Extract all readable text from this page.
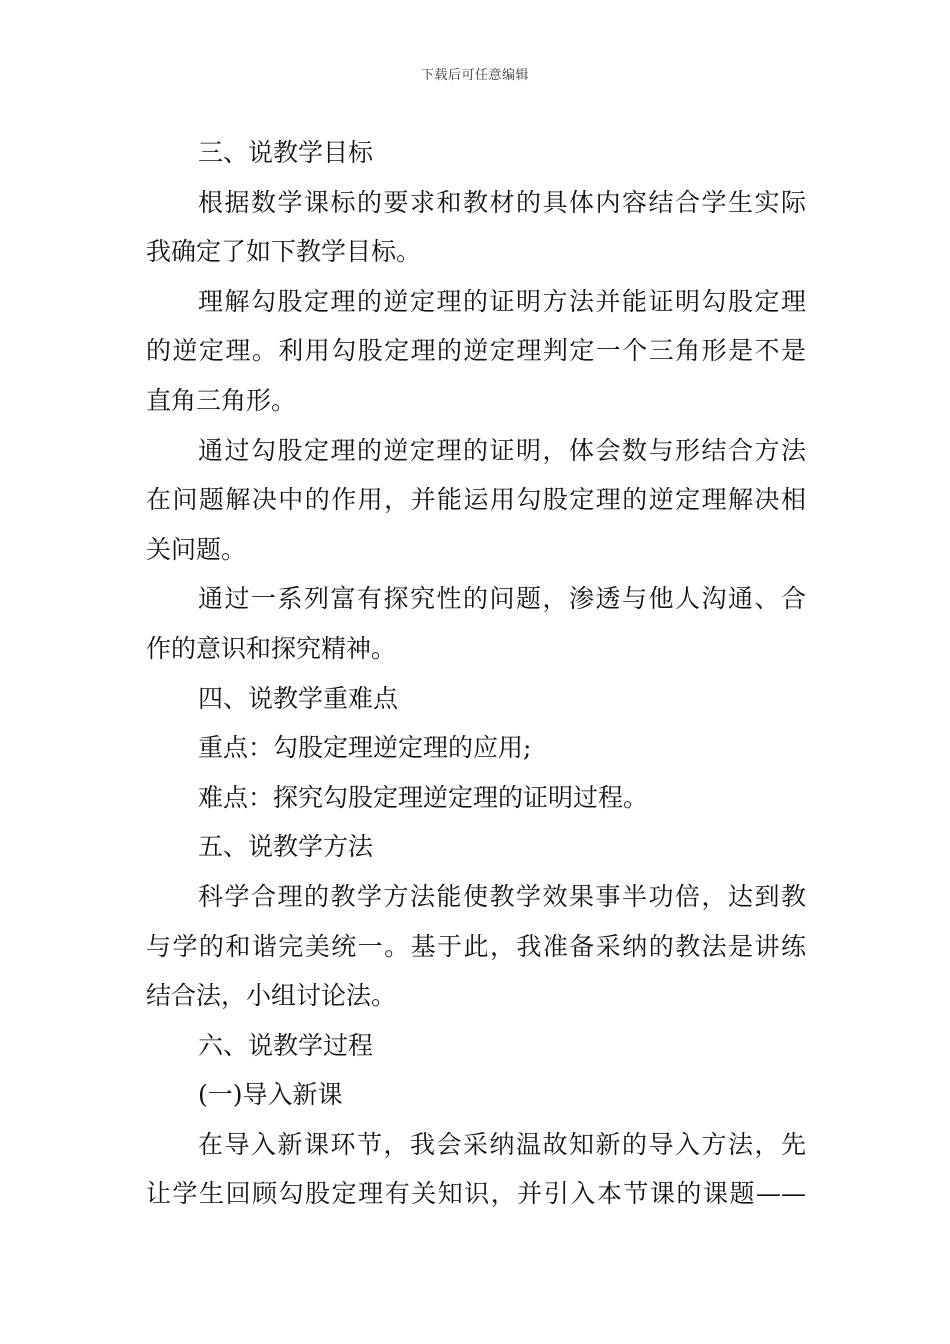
下载后可任意编辑
三、说教学目标
根据数学课标的要求和教材的具体内容结合学生实际
我确定了如下教学目标。
理解勾股定理的逆定理的证明方法并能证明勾股定理
的逆定理。利用勾股定理的逆定理判定一个三角形是不是
直角三角形。
通过勾股定理的逆定理的证明，体会数与形结合方法
在问题解决中的作用，并能运用勾股定理的逆定理解决相
关问题。
通过一系列富有探究性的问题，渗透与他人沟通、合
作的意识和探究精神。
四、说教学重难点
重点：勾股定理逆定理的应用;
难点：探究勾股定理逆定理的证明过程。
五、说教学方法
科学合理的教学方法能使教学效果事半功倍，达到教
与学的和谐完美统一。基于此，我准备采纳的教法是讲练
结合法，小组讨论法。
六、说教学过程
(一)导入新课
在导入新课环节，我会采纳温故知新的导入方法，先
让学生回顾勾股定理有关知识，并引入本节课的课题——
